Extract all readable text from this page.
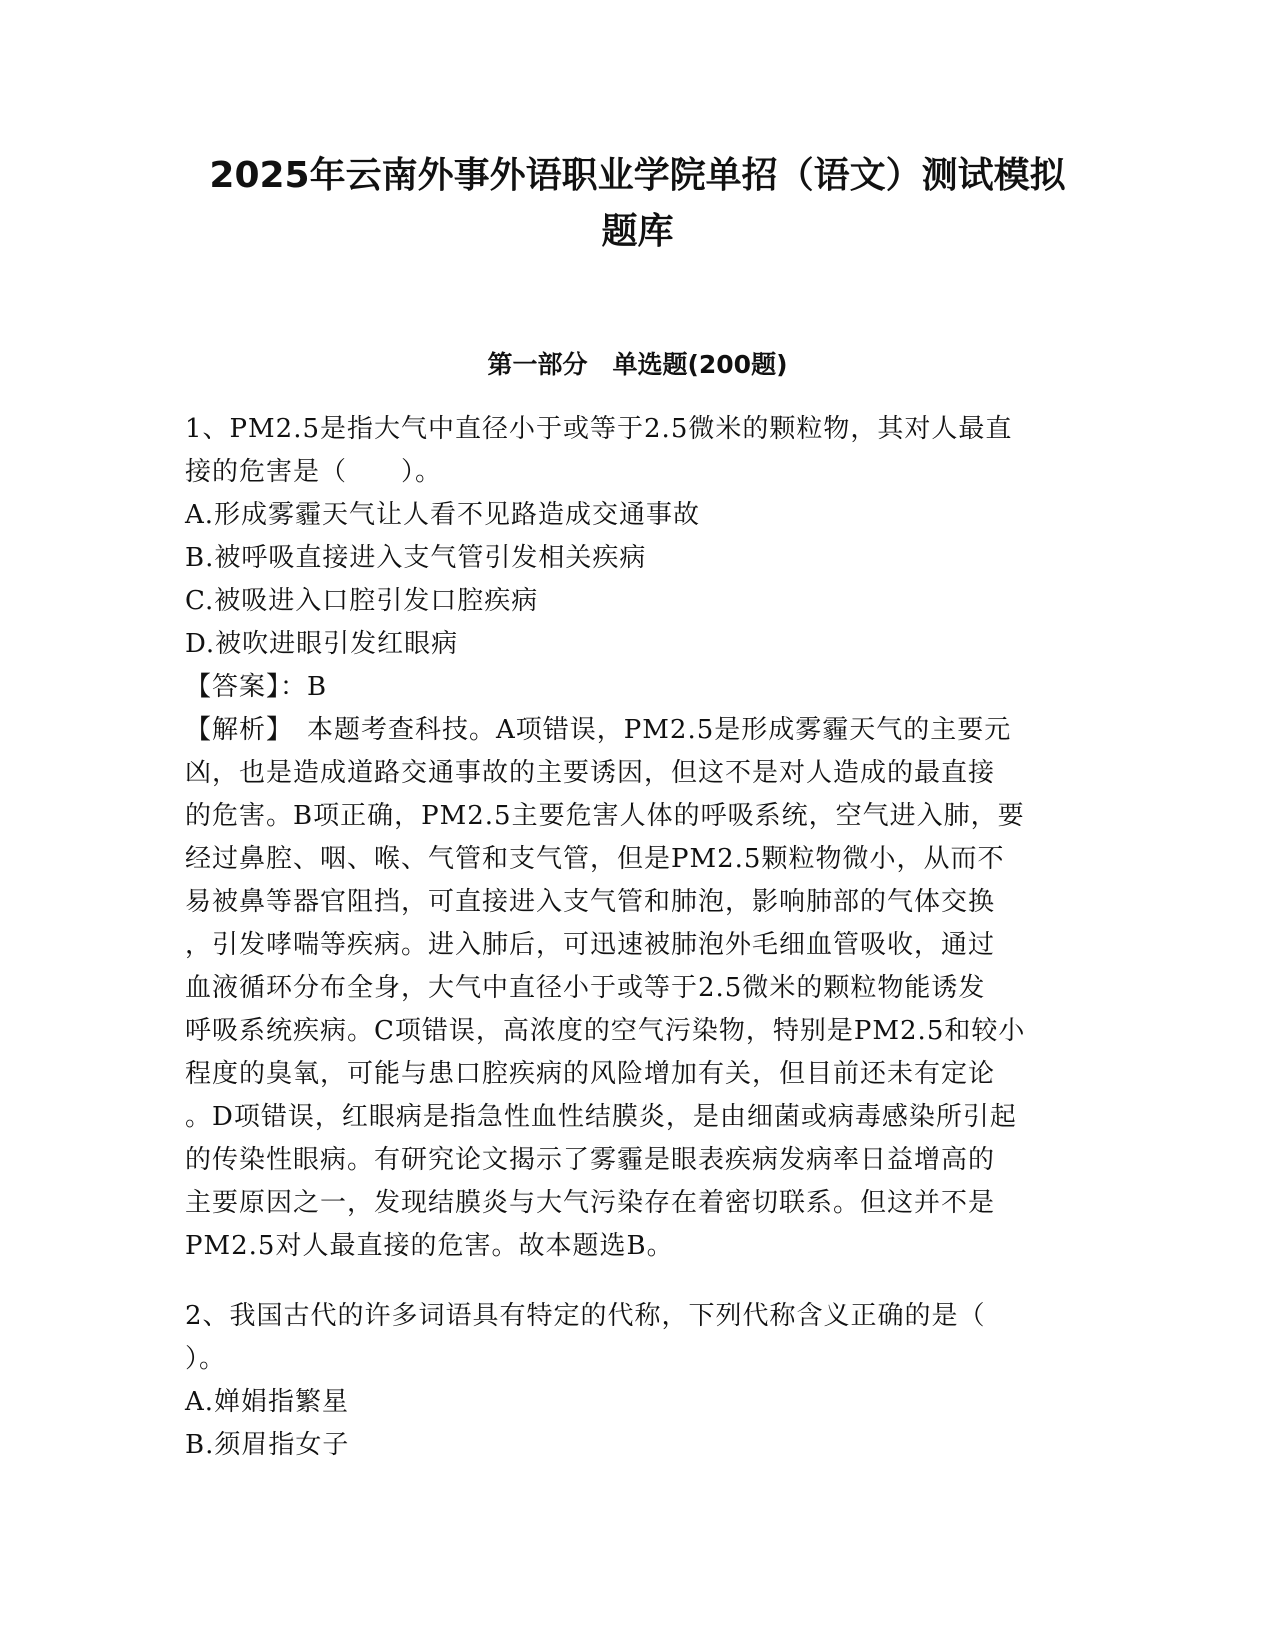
2025年云南外事外语职业学院单招（语文）测试模拟
题库
第一部分　单选题(200题)
1、PM2.5是指大气中直径小于或等于2.5微米的颗粒物，其对人最直
接的危害是（　　）。
A.形成雾霾天气让人看不见路造成交通事故
B.被呼吸直接进入支气管引发相关疾病
C.被吸进入口腔引发口腔疾病
D.被吹进眼引发红眼病
【答案】：B
【解析】　本题考查科技。A项错误，PM2.5是形成雾霾天气的主要元
凶，也是造成道路交通事故的主要诱因，但这不是对人造成的最直接
的危害。B项正确，PM2.5主要危害人体的呼吸系统，空气进入肺，要
经过鼻腔、咽、喉、气管和支气管，但是PM2.5颗粒物微小，从而不
易被鼻等器官阻挡，可直接进入支气管和肺泡，影响肺部的气体交换
，引发哮喘等疾病。进入肺后，可迅速被肺泡外毛细血管吸收，通过
血液循环分布全身，大气中直径小于或等于2.5微米的颗粒物能诱发
呼吸系统疾病。C项错误，高浓度的空气污染物，特别是PM2.5和较小
程度的臭氧，可能与患口腔疾病的风险增加有关，但目前还未有定论
。D项错误，红眼病是指急性血性结膜炎，是由细菌或病毒感染所引起
的传染性眼病。有研究论文揭示了雾霾是眼表疾病发病率日益增高的
主要原因之一，发现结膜炎与大气污染存在着密切联系。但这并不是
PM2.5对人最直接的危害。故本题选B。
2、我国古代的许多词语具有特定的代称，下列代称含义正确的是（
）。
A.婵娟指繁星
B.须眉指女子
